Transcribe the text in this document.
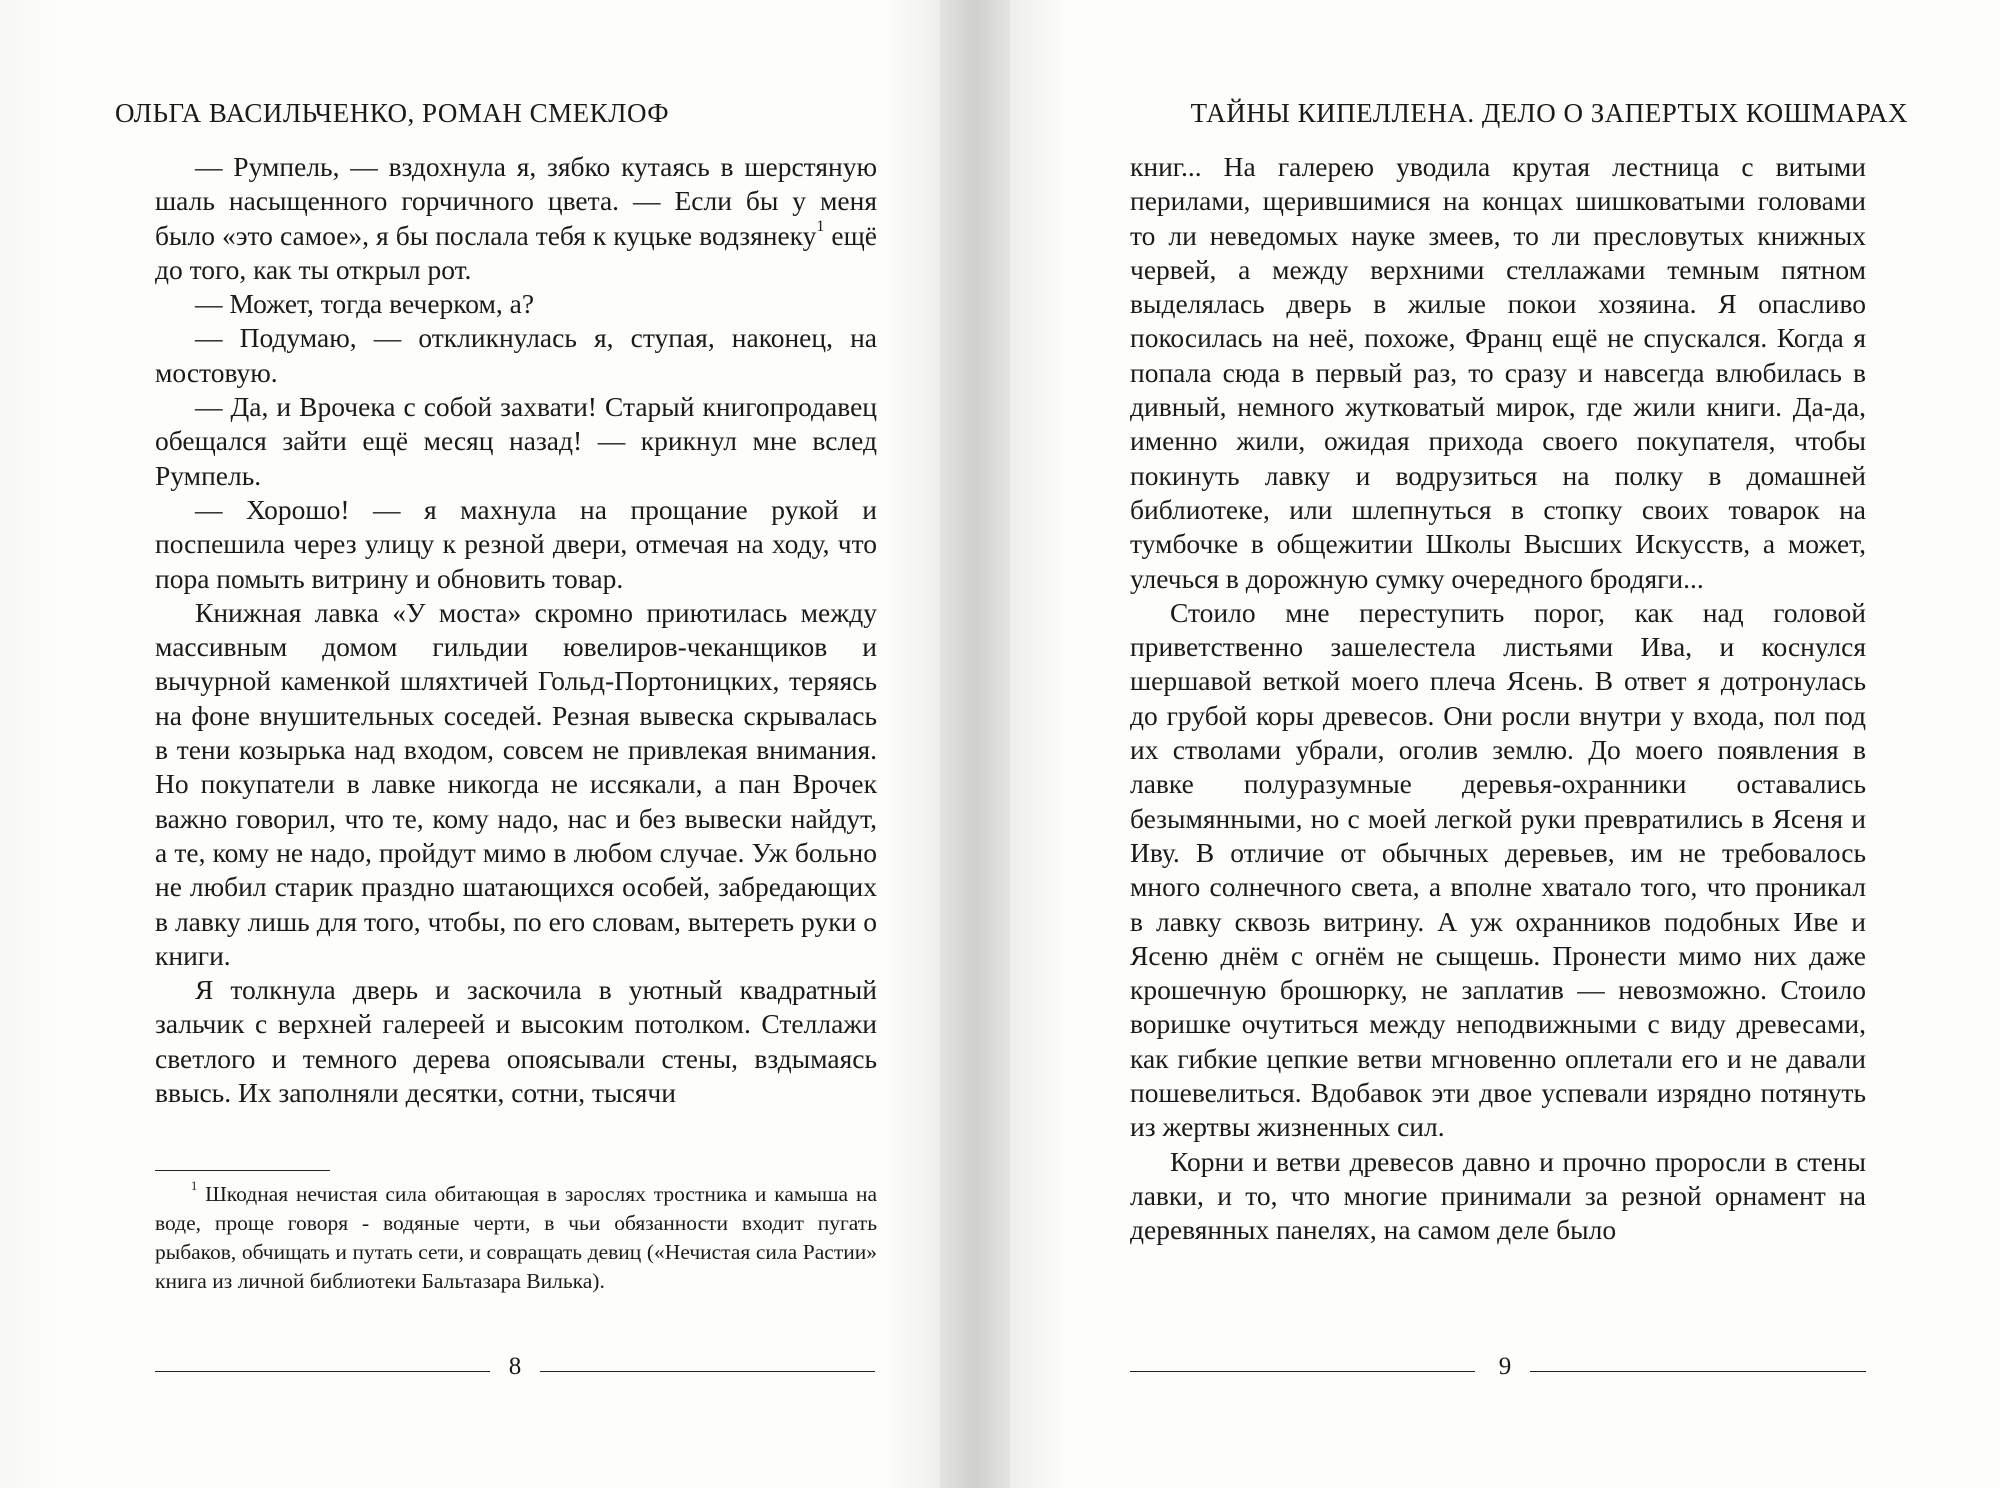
ОЛЬГА ВАСИЛЬЧЕНКО, РОМАН СМЕКЛОФ

— Румпель, — вздохнула я, зябко кутаясь в шерстяную шаль насыщенного горчичного цвета. — Если бы у меня было «это самое», я бы послала тебя к куцьке водзянеку$^1$ ещё до того, как ты открыл рот.

— Может, тогда вечерком, а?

— Подумаю, — откликнулась я, ступая, наконец, на мостовую.

— Да, и Врочека с собой захвати! Старый книгопродавец обещался зайти ещё месяц назад! — крикнул мне вслед Румпель.

— Хорошо! — я махнула на прощание рукой и поспешила через улицу к резной двери, отмечая на ходу, что пора помыть витрину и обновить товар.

Книжная лавка «У моста» скромно приютилась между массивным домом гильдии ювелиров-чеканщиков и вычурной каменкой шляхтичей Гольд-Портоницких, теряясь на фоне внушительных соседей. Резная вывеска скрывалась в тени козырька над входом, совсем не привлекая внимания. Но покупатели в лавке никогда не иссякали, а пан Врочек важно говорил, что те, кому надо, нас и без вывески найдут, а те, кому не надо, пройдут мимо в любом случае. Уж больно не любил старик праздно шатающихся особей, забредающих в лавку лишь для того, чтобы, по его словам, вытереть руки о книги.

Я толкнула дверь и заскочила в уютный квадратный зальчик с верхней галереей и высоким потолком. Стеллажи светлого и темного дерева опоясывали стены, вздымаясь ввысь. Их заполняли десятки, сотни, тысячи

$^1$ Шкодная нечистая сила обитающая в зарослях тростника и камыша на воде, проще говоря - водяные черти, в чьи обязанности входит пугать рыбаков, обчищать и путать сети, и совращать девиц («Нечистая сила Растии» книга из личной библиотеки Бальтазара Вилька).

8
ТАЙНЫ КИПЕЛЛЕНА. ДЕЛО О ЗАПЕРТЫХ КОШМАРАХ

книг... На галерею уводила крутая лестница с витыми перилами, щерившимися на концах шишковатыми головами то ли неведомых науке змеев, то ли пресловутых книжных червей, а между верхними стеллажами темным пятном выделялась дверь в жилые покои хозяина. Я опасливо покосилась на неё, похоже, Франц ещё не спускался. Когда я попала сюда в первый раз, то сразу и навсегда влюбилась в дивный, немного жутковатый мирок, где жили книги. Да-да, именно жили, ожидая прихода своего покупателя, чтобы покинуть лавку и водрузиться на полку в домашней библиотеке, или шлепнуться в стопку своих товарок на тумбочке в общежитии Школы Высших Искусств, а может, улечься в дорожную сумку очередного бродяги...

Стоило мне переступить порог, как над головой приветственно зашелестела листьями Ива, и коснулся шершавой веткой моего плеча Ясень. В ответ я дотронулась до грубой коры древесов. Они росли внутри у входа, пол под их стволами убрали, оголив землю. До моего появления в лавке полуразумные деревья-охранники оставались безымянными, но с моей легкой руки превратились в Ясеня и Иву. В отличие от обычных деревьев, им не требовалось много солнечного света, а вполне хватало того, что проникал в лавку сквозь витрину. А уж охранников подобных Иве и Ясеню днём с огнём не сыщешь. Пронести мимо них даже крошечную брошюрку, не заплатив — невозможно. Стоило воришке очутиться между неподвижными с виду древесами, как гибкие цепкие ветви мгновенно оплетали его и не давали пошевелиться. Вдобавок эти двое успевали изрядно потянуть из жертвы жизненных сил.

Корни и ветви древесов давно и прочно проросли в стены лавки, и то, что многие принимали за резной орнамент на деревянных панелях, на самом деле было

9
